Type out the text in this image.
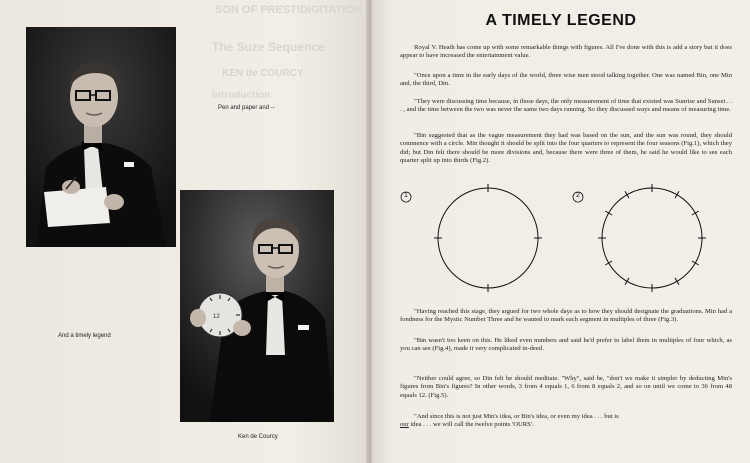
SON OF PRESTIDIGITATION
The Suze Sequence
KEN de COURCY
Introduction
Pen and paper and --
12
And a timely legend
Ken de Courcy
A TIMELY LEGEND

Royal V. Heath has come up with some remarkable things with figures. All I've done with this is add a story but it does appear to have increased the entertainment value.

"Once upon a time in the early days of the world, three wise men stood talking together. One was named Bin, one Min and, the third, Din.

"They were discussing time because, in those days, the only measurement of time that existed was Sunrise and Sunset . . . , and the time between the two was never the same two days running. So they discussed ways and means of measuring time.

"Bin suggested that as the vague measurement they had was based on the sun, and the sun was round, they should commence with a circle. Min thought it should be split into the four quarters to represent the four seasons (Fig.1), which they did; but Din felt there should be more divisions and, because there were three of them, he said he would like to see each quarter split up into thirds (Fig.2).

1	2

"Having reached this stage, they argued for two whole days as to how they should designate the graduations. Min had a fondness for the Mystic Number Three and he wanted to mark each segment in multiples of three (Fig.3).

"Bin wasn't too keen on this. He liked even numbers and said he'd prefer to label them in multiples of four which, as you can see (Fig.4), made it very complicated in-deed.

"Neither could agree, so Din felt he should meditate. "Why", said he, "don't we make it simpler by deducting Min's figures from Bin's figures? In other words, 3 from 4 equals 1, 6 from 8 equals 2, and so on until we come to 36 from 48 equals 12. (Fig.5).

"And since this is not just Min's idea, or Bin's idea, or even my idea . . . but is
our idea . . . we will call the twelve points 'OURS'.
